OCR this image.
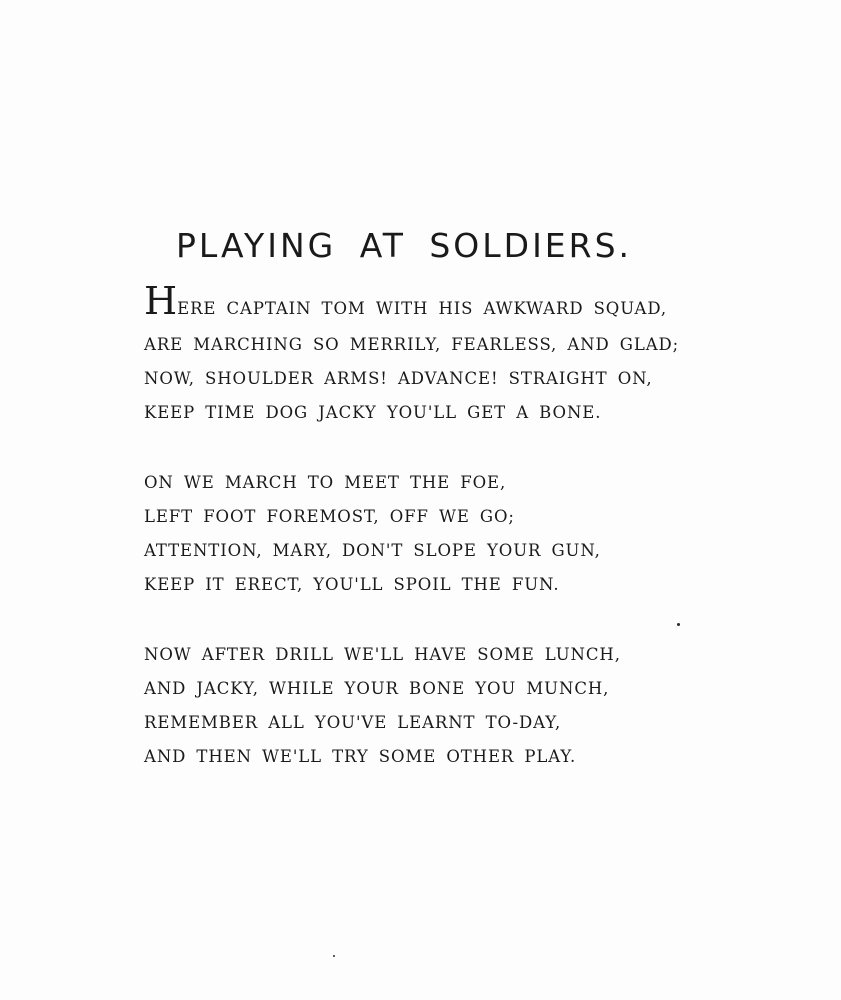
PLAYING AT SOLDIERS.

HERE CAPTAIN TOM WITH HIS AWKWARD SQUAD,
ARE MARCHING SO MERRILY, FEARLESS, AND GLAD;
NOW, SHOULDER ARMS! ADVANCE! STRAIGHT ON,
KEEP TIME DOG JACKY YOU'LL GET A BONE.

ON WE MARCH TO MEET THE FOE,
LEFT FOOT FOREMOST, OFF WE GO;
ATTENTION, MARY, DON'T SLOPE YOUR GUN,
KEEP IT ERECT, YOU'LL SPOIL THE FUN.

NOW AFTER DRILL WE'LL HAVE SOME LUNCH,
AND JACKY, WHILE YOUR BONE YOU MUNCH,
REMEMBER ALL YOU'VE LEARNT TO-DAY,
AND THEN WE'LL TRY SOME OTHER PLAY.
